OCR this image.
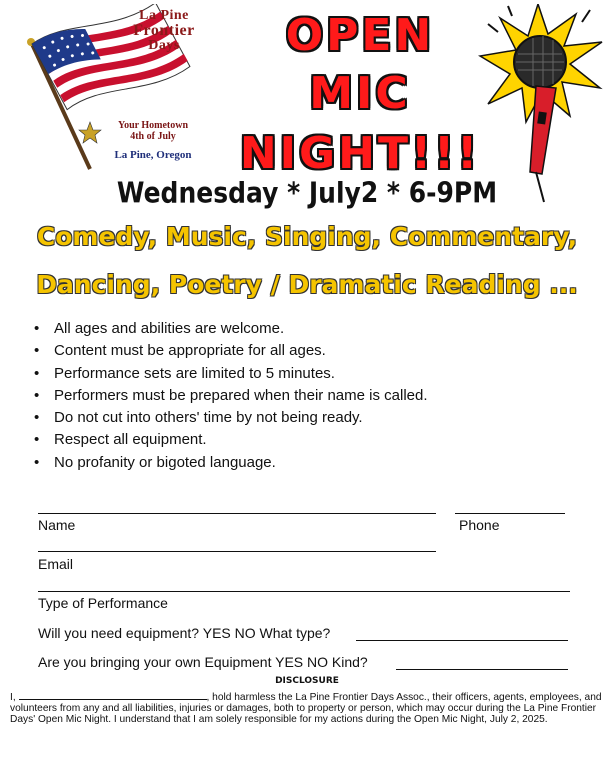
La Pine
Frontier
Days
Your Hometown
4th of July
La Pine, Oregon
OPEN
MIC
NIGHT!!!
Wednesday * July2 * 6-9PM
Comedy, Music, Singing, Commentary,
Dancing, Poetry / Dramatic Reading ...
• All ages and abilities are welcome.
• Content must be appropriate for all ages.
• Performance sets are limited to 5 minutes.
• Performers must be prepared when their name is called.
• Do not cut into others' time by not being ready.
• Respect all equipment.
• No profanity or bigoted language.
Name	Phone
Email
Type of Performance
Will you need equipment? YES NO What type?
Are you bringing your own Equipment YES NO Kind?
DISCLOSURE
I,	, hold harmless the La Pine Frontier Days Assoc., their officers, agents, employees, and volunteers from any and all liabilities, injuries or damages, both to property or person, which may occur during the La Pine Frontier Days' Open Mic Night. I understand that I am solely responsible for my actions during the Open Mic Night, July 2, 2025.
